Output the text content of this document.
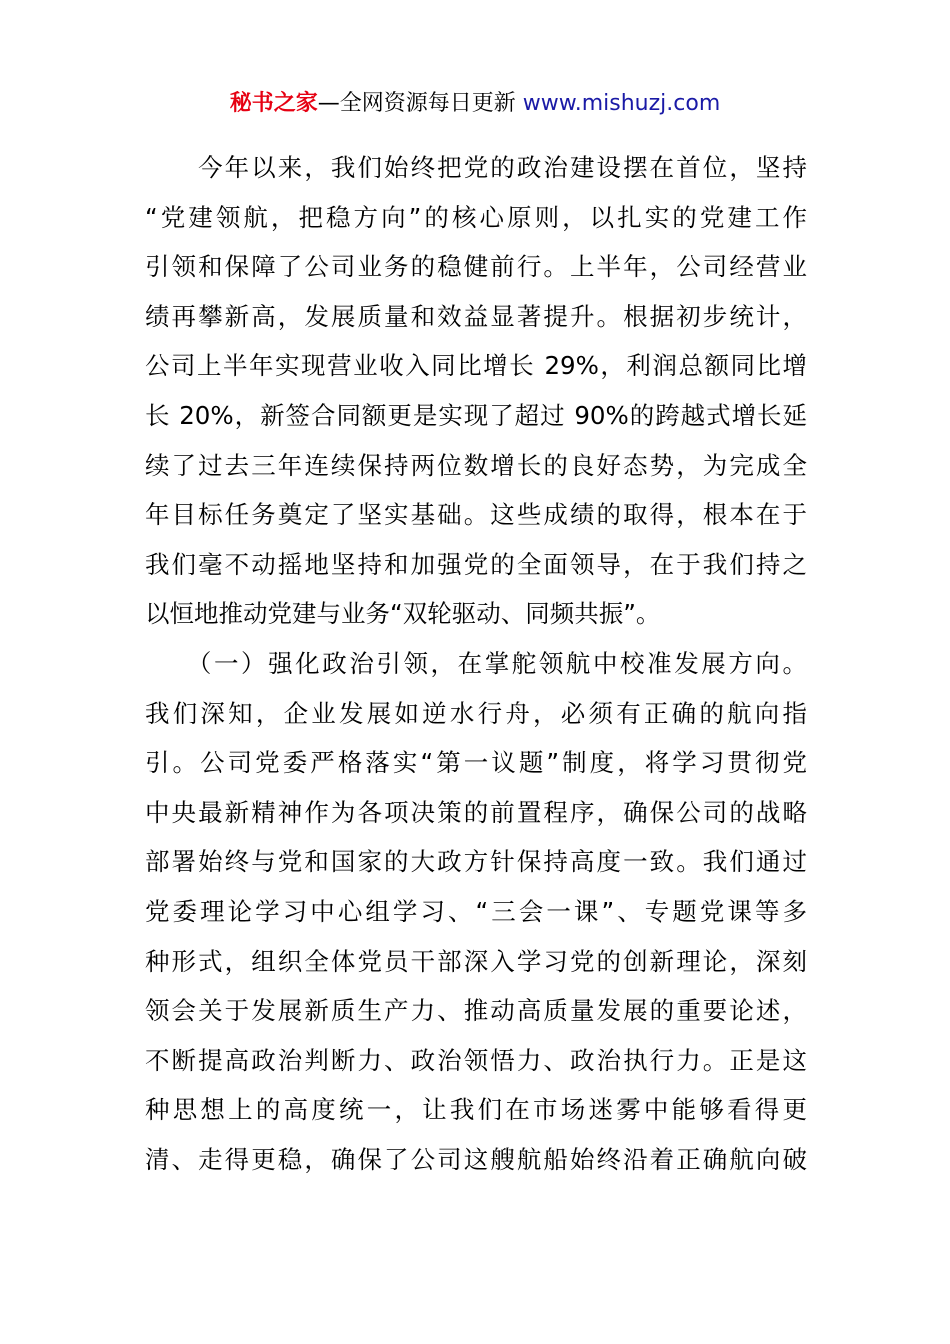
秘书之家—全网资源每日更新 www.mishuzj.com
　　今年以来，我们始终把党的政治建设摆在首位，坚持
“党建领航，把稳方向”的核心原则，以扎实的党建工作
引领和保障了公司业务的稳健前行。上半年，公司经营业
绩再攀新高，发展质量和效益显著提升。根据初步统计，
公司上半年实现营业收入同比增长 29%，利润总额同比增
长 20%，新签合同额更是实现了超过 90%的跨越式增长延
续了过去三年连续保持两位数增长的良好态势，为完成全
年目标任务奠定了坚实基础。这些成绩的取得，根本在于
我们毫不动摇地坚持和加强党的全面领导，在于我们持之
以恒地推动党建与业务“双轮驱动、同频共振”。
　　（一）强化政治引领，在掌舵领航中校准发展方向。
我们深知，企业发展如逆水行舟，必须有正确的航向指
引。公司党委严格落实“第一议题”制度，将学习贯彻党
中央最新精神作为各项决策的前置程序，确保公司的战略
部署始终与党和国家的大政方针保持高度一致。我们通过
党委理论学习中心组学习、“三会一课”、专题党课等多
种形式，组织全体党员干部深入学习党的创新理论，深刻
领会关于发展新质生产力、推动高质量发展的重要论述，
不断提高政治判断力、政治领悟力、政治执行力。正是这
种思想上的高度统一，让我们在市场迷雾中能够看得更
清、走得更稳，确保了公司这艘航船始终沿着正确航向破
